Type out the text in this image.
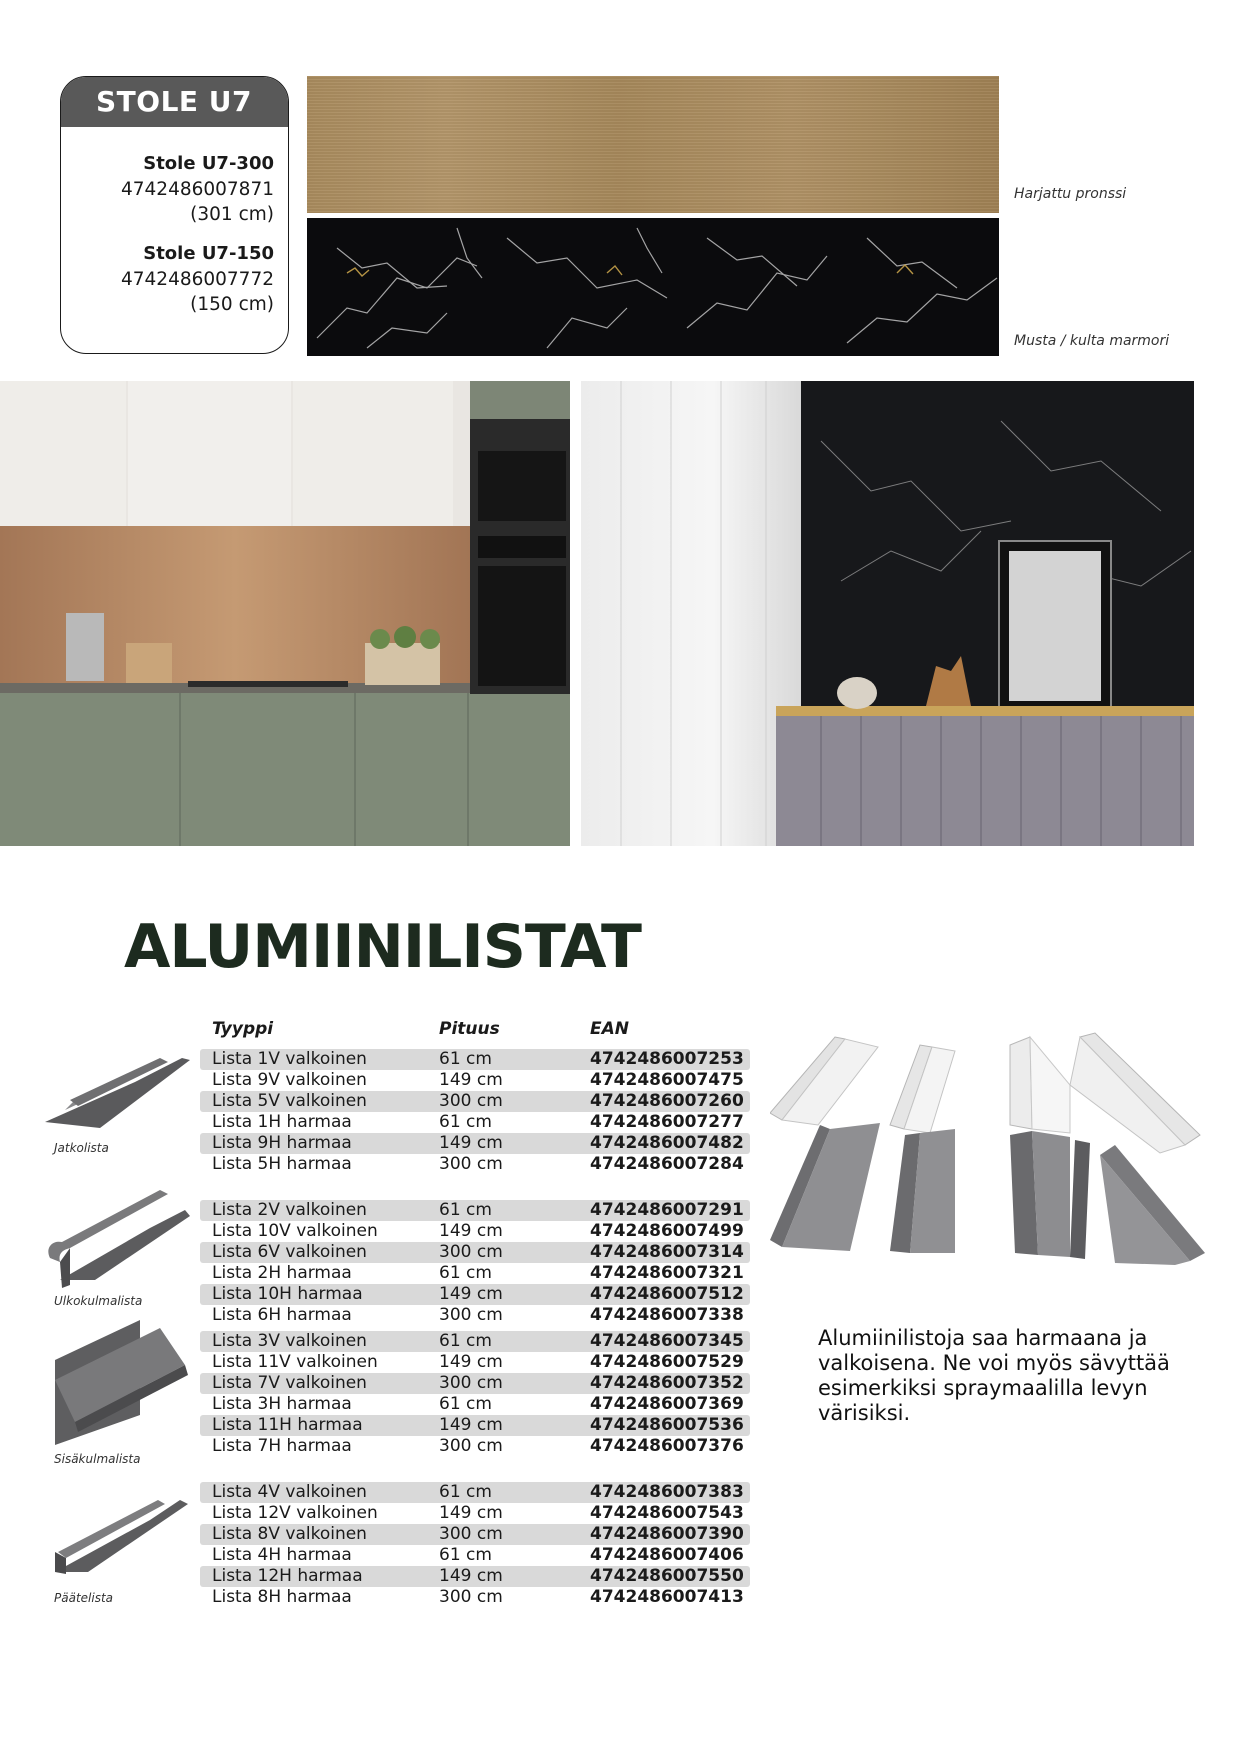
STOLE U7
Stole U7-300
4742486007871
(301 cm)
Stole U7-150
4742486007772
(150 cm)
Harjattu pronssi
Musta / kulta marmori
ALUMIINILISTAT
Jatkolista
Ulkokulmalista
Sisäkulmalista
Päätelista
Tyyppi	Pituus	EAN
Lista 1V valkoinen	61 cm	4742486007253
Lista 9V valkoinen	149 cm	4742486007475
Lista 5V valkoinen	300 cm	4742486007260
Lista 1H harmaa	61 cm	4742486007277
Lista 9H harmaa	149 cm	4742486007482
Lista 5H harmaa	300 cm	4742486007284
Lista 2V valkoinen	61 cm	4742486007291
Lista 10V valkoinen	149 cm	4742486007499
Lista 6V valkoinen	300 cm	4742486007314
Lista 2H harmaa	61 cm	4742486007321
Lista 10H harmaa	149 cm	4742486007512
Lista 6H harmaa	300 cm	4742486007338
Lista 3V valkoinen	61 cm	4742486007345
Lista 11V valkoinen	149 cm	4742486007529
Lista 7V valkoinen	300 cm	4742486007352
Lista 3H harmaa	61 cm	4742486007369
Lista 11H harmaa	149 cm	4742486007536
Lista 7H harmaa	300 cm	4742486007376
Lista 4V valkoinen	61 cm	4742486007383
Lista 12V valkoinen	149 cm	4742486007543
Lista 8V valkoinen	300 cm	4742486007390
Lista 4H harmaa	61 cm	4742486007406
Lista 12H harmaa	149 cm	4742486007550
Lista 8H harmaa	300 cm	4742486007413
Alumiinilistoja saa harmaana ja valkoisena. Ne voi myös sävyttää esimerkiksi spraymaalilla levyn värisiksi.
